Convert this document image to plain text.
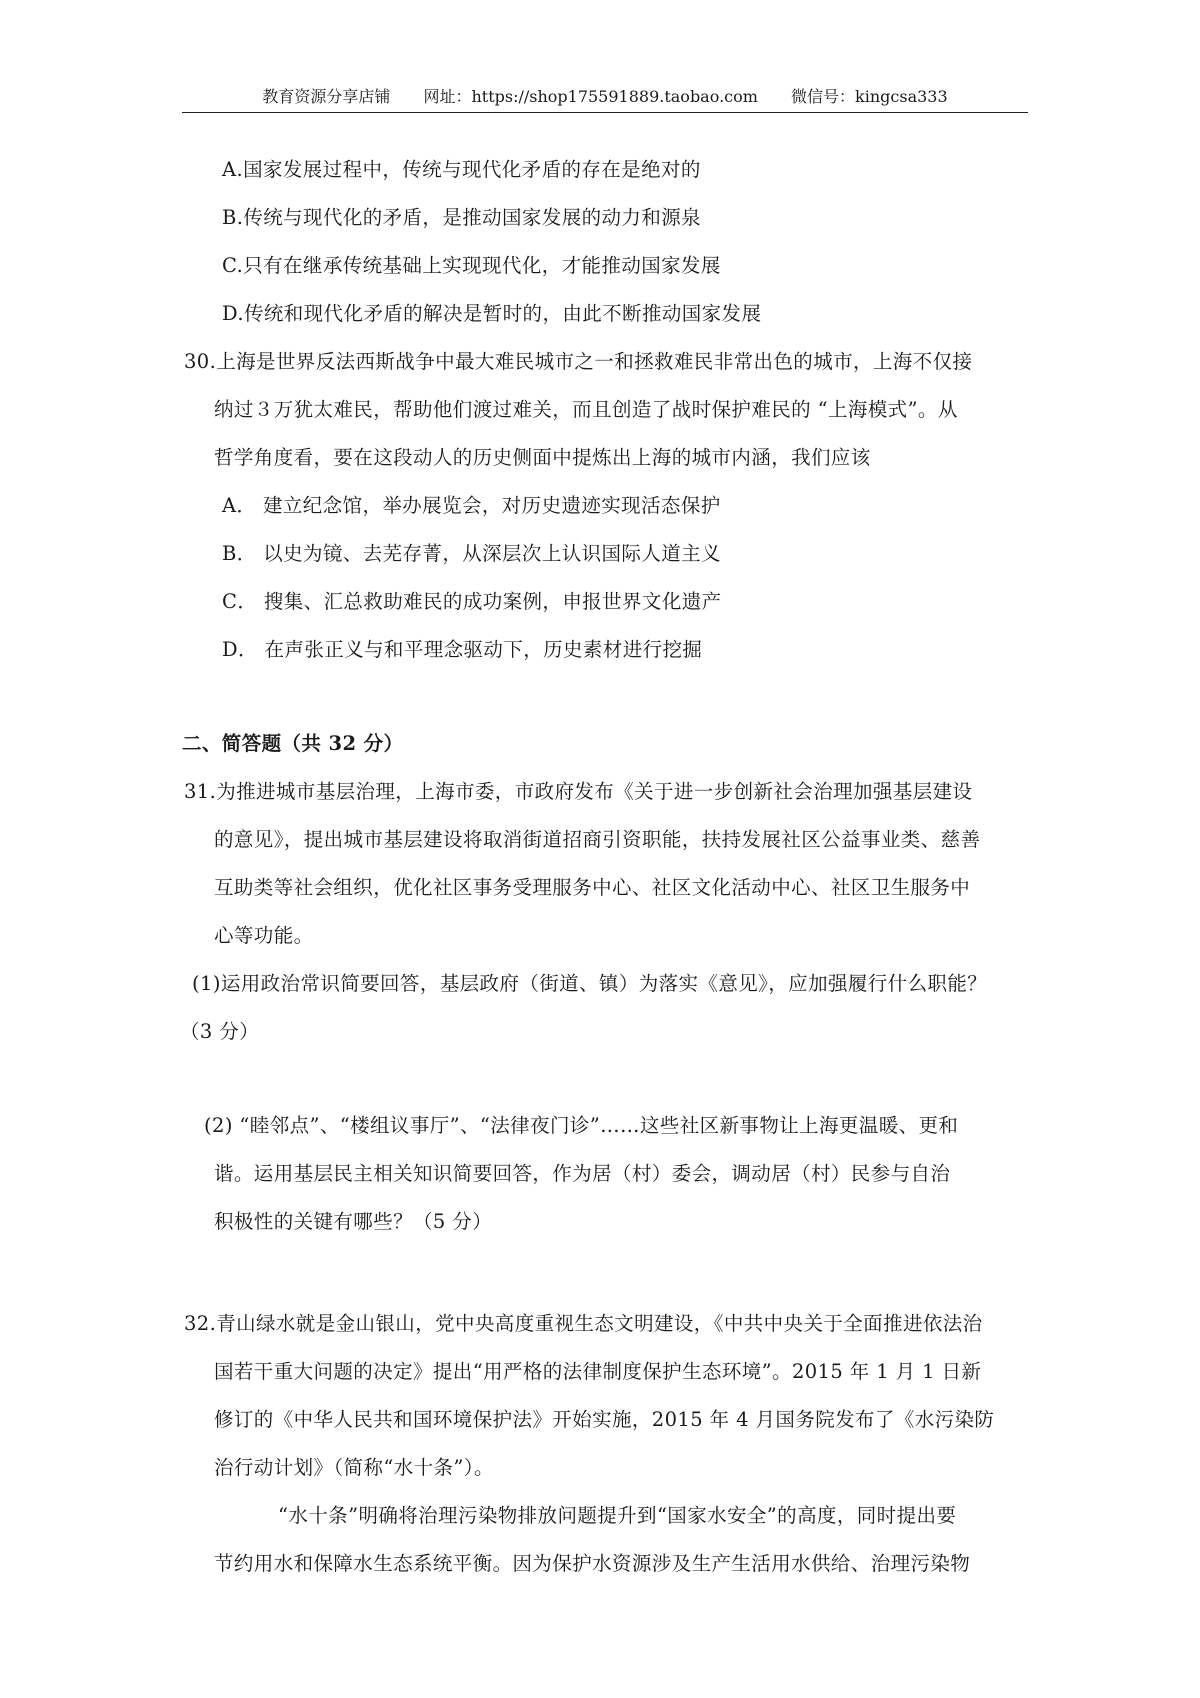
教育资源分享店铺 网址：https://shop175591889.taobao.com 微信号：kingcsa333
A.国家发展过程中，传统与现代化矛盾的存在是绝对的
B.传统与现代化的矛盾，是推动国家发展的动力和源泉
C.只有在继承传统基础上实现现代化，才能推动国家发展
D.传统和现代化矛盾的解决是暂时的，由此不断推动国家发展
30.上海是世界反法西斯战争中最大难民城市之一和拯救难民非常出色的城市，上海不仅接
纳过３万犹太难民，帮助他们渡过难关，而且创造了战时保护难民的 “上海模式”。从
哲学角度看，要在这段动人的历史侧面中提炼出上海的城市内涵，我们应该
A． 建立纪念馆，举办展览会，对历史遗迹实现活态保护
B． 以史为镜、去芜存菁，从深层次上认识国际人道主义
C． 搜集、汇总救助难民的成功案例，申报世界文化遗产
D． 在声张正义与和平理念驱动下，历史素材进行挖掘
二、简答题（共 32 分）
31.为推进城市基层治理，上海市委，市政府发布《关于进一步创新社会治理加强基层建设
的意见》，提出城市基层建设将取消街道招商引资职能，扶持发展社区公益事业类、慈善
互助类等社会组织，优化社区事务受理服务中心、社区文化活动中心、社区卫生服务中
心等功能。
(1)运用政治常识简要回答，基层政府（街道、镇）为落实《意见》，应加强履行什么职能？
（3 分）
(2) “睦邻点”、“楼组议事厅”、“法律夜门诊”……这些社区新事物让上海更温暖、更和
谐。运用基层民主相关知识简要回答，作为居（村）委会，调动居（村）民参与自治
积极性的关键有哪些？（5 分）
32.青山绿水就是金山银山，党中央高度重视生态文明建设，《中共中央关于全面推进依法治
国若干重大问题的决定》提出“用严格的法律制度保护生态环境”。2015 年 1 月 1 日新
修订的《中华人民共和国环境保护法》开始实施，2015 年 4 月国务院发布了《水污染防
治行动计划》（简称“水十条”）。
“水十条”明确将治理污染物排放问题提升到“国家水安全”的高度，同时提出要
节约用水和保障水生态系统平衡。因为保护水资源涉及生产生活用水供给、治理污染物
